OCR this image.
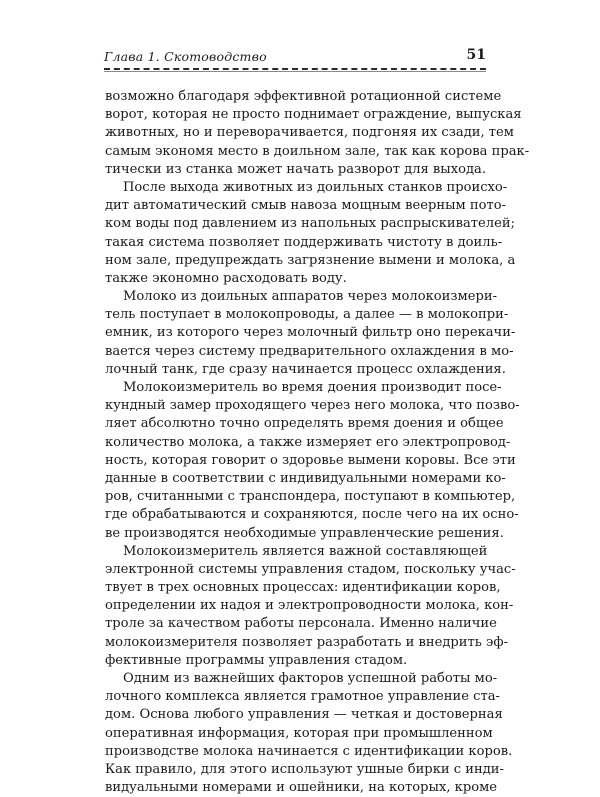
Глава 1. Скотоводство	51
возможно благодаря эффективной ротационной системе
ворот, которая не просто поднимает ограждение, выпуская
животных, но и переворачивается, подгоняя их сзади, тем
самым экономя место в доильном зале, так как корова прак-
тически из станка может начать разворот для выхода.
После выхода животных из доильных станков происхо-
дит автоматический смыв навоза мощным веерным пото-
ком воды под давлением из напольных распрыскивателей;
такая система позволяет поддерживать чистоту в доиль-
ном зале, предупреждать загрязнение вымени и молока, а
также экономно расходовать воду.
Молоко из доильных аппаратов через молокоизмери-
тель поступает в молокопроводы, а далее — в молокопри-
емник, из которого через молочный фильтр оно перекачи-
вается через систему предварительного охлаждения в мо-
лочный танк, где сразу начинается процесс охлаждения.
Молокоизмеритель во время доения производит посе-
кундный замер проходящего через него молока, что позво-
ляет абсолютно точно определять время доения и общее
количество молока, а также измеряет его электропровод-
ность, которая говорит о здоровье вымени коровы. Все эти
данные в соответствии с индивидуальными номерами ко-
ров, считанными с транспондера, поступают в компьютер,
где обрабатываются и сохраняются, после чего на их осно-
ве производятся необходимые управленческие решения.
Молокоизмеритель является важной составляющей
электронной системы управления стадом, поскольку учас-
твует в трех основных процессах: идентификации коров,
определении их надоя и электропроводности молока, кон-
троле за качеством работы персонала. Именно наличие
молокоизмерителя позволяет разработать и внедрить эф-
фективные программы управления стадом.
Одним из важнейших факторов успешной работы мо-
лочного комплекса является грамотное управление ста-
дом. Основа любого управления — четкая и достоверная
оперативная информация, которая при промышленном
производстве молока начинается с идентификации коров.
Как правило, для этого используют ушные бирки с инди-
видуальными номерами и ошейники, на которых, кроме
